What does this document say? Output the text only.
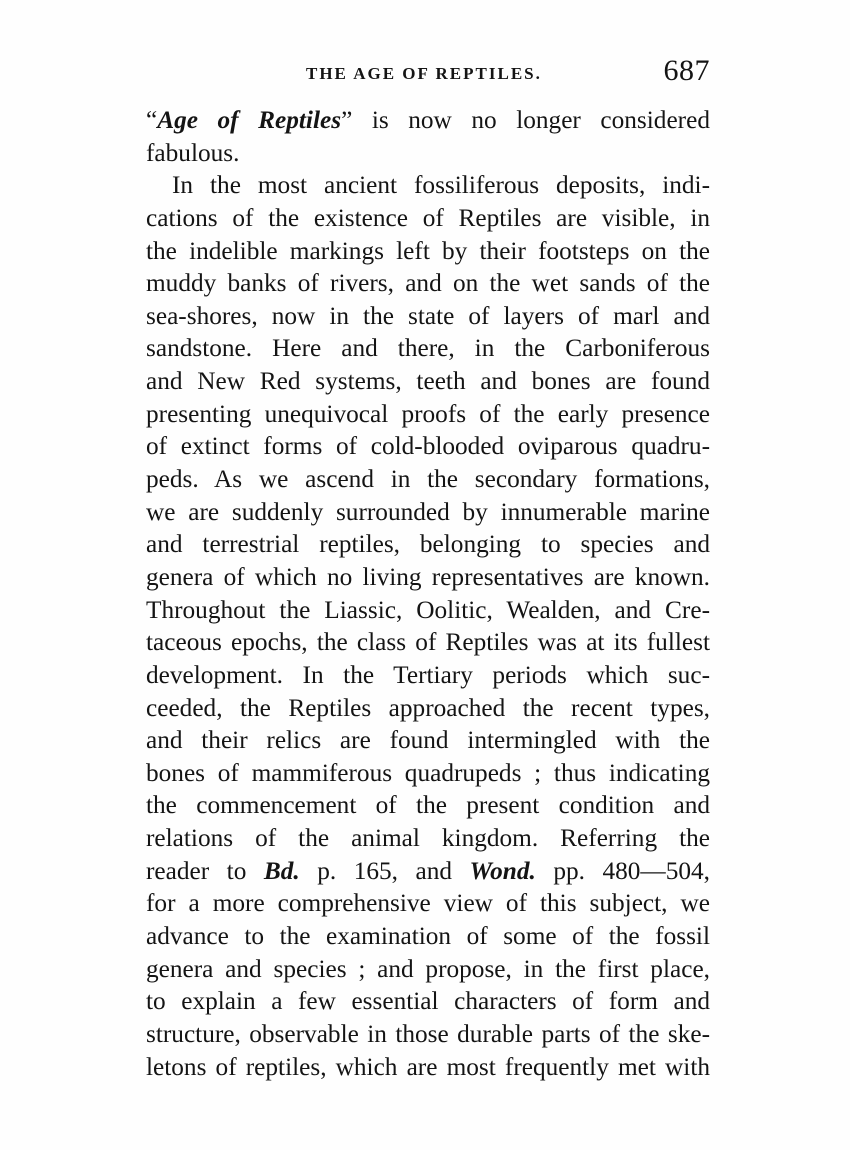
THE AGE OF REPTILES.	687
“Age of Reptiles” is now no longer considered
fabulous.
In the most ancient fossiliferous deposits, indi-
cations of the existence of Reptiles are visible, in
the indelible markings left by their footsteps on the
muddy banks of rivers, and on the wet sands of the
sea-shores, now in the state of layers of marl and
sandstone. Here and there, in the Carboniferous
and New Red systems, teeth and bones are found
presenting unequivocal proofs of the early presence
of extinct forms of cold-blooded oviparous quadru-
peds. As we ascend in the secondary formations,
we are suddenly surrounded by innumerable marine
and terrestrial reptiles, belonging to species and
genera of which no living representatives are known.
Throughout the Liassic, Oolitic, Wealden, and Cre-
taceous epochs, the class of Reptiles was at its fullest
development. In the Tertiary periods which suc-
ceeded, the Reptiles approached the recent types,
and their relics are found intermingled with the
bones of mammiferous quadrupeds ; thus indicating
the commencement of the present condition and
relations of the animal kingdom. Referring the
reader to Bd. p. 165, and Wond. pp. 480—504,
for a more comprehensive view of this subject, we
advance to the examination of some of the fossil
genera and species ; and propose, in the first place,
to explain a few essential characters of form and
structure, observable in those durable parts of the ske-
letons of reptiles, which are most frequently met with
